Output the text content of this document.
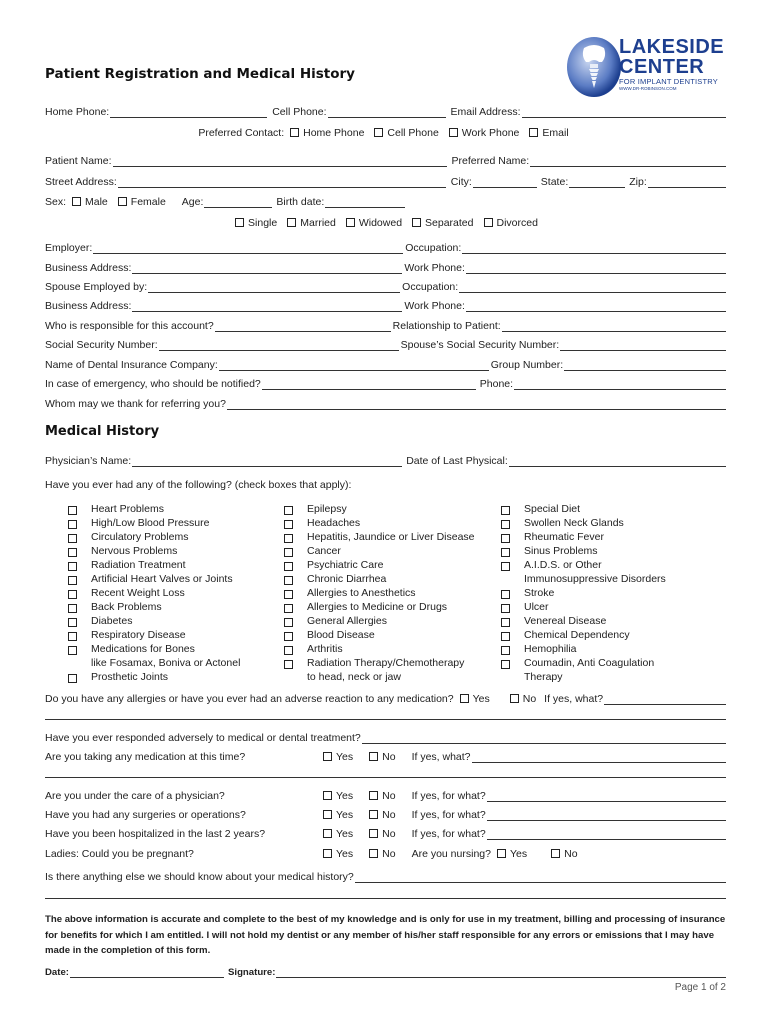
LAKESIDE
CENTER
FOR IMPLANT DENTISTRY
WWW.DR-ROBINSON.COM
Patient Registration and Medical History
Home Phone:	Cell Phone:	Email Address:
Preferred Contact: Home Phone Cell Phone Work Phone Email
Patient Name:	Preferred Name:
Street Address:	City:	State:	Zip:
Sex: Male Female Age:	Birth date:
Single Married Widowed Separated Divorced
Employer:	Occupation:
Business Address:	Work Phone:
Spouse Employed by:	Occupation:
Business Address:	Work Phone:
Who is responsible for this account?	Relationship to Patient:
Social Security Number:	Spouse’s Social Security Number:
Name of Dental Insurance Company:	Group Number:
In case of emergency, who should be notified?	Phone:
Whom may we thank for referring you?
Medical History
Physician’s Name:	Date of Last Physical:
Have you ever had any of the following? (check boxes that apply):
Heart Problems
High/Low Blood Pressure
Circulatory Problems
Nervous Problems
Radiation Treatment
Artificial Heart Valves or Joints
Recent Weight Loss
Back Problems
Diabetes
Respiratory Disease
Medications for Bones
like Fosamax, Boniva or Actonel
Prosthetic Joints
Epilepsy
Headaches
Hepatitis, Jaundice or Liver Disease
Cancer
Psychiatric Care
Chronic Diarrhea
Allergies to Anesthetics
Allergies to Medicine or Drugs
General Allergies
Blood Disease
Arthritis
Radiation Therapy/Chemotherapy
to head, neck or jaw
Special Diet
Swollen Neck Glands
Rheumatic Fever
Sinus Problems
A.I.D.S. or Other
Immunosuppressive Disorders
Stroke
Ulcer
Venereal Disease
Chemical Dependency
Hemophilia
Coumadin, Anti Coagulation
Therapy
Do you have any allergies or have you ever had an adverse reaction to any medication? Yes	No If yes, what?
Have you ever responded adversely to medical or dental treatment?
Are you taking any medication at this time?	Yes	No If yes, what?
Are you under the care of a physician?	Yes	No If yes, for what?
Have you had any surgeries or operations?	Yes	No If yes, for what?
Have you been hospitalized in the last 2 years?	Yes	No If yes, for what?
Ladies: Could you be pregnant?	Yes	No Are you nursing? Yes	No
Is there anything else we should know about your medical history?
The above information is accurate and complete to the best of my knowledge and is only for use in my treatment, billing and processing of insurance for benefits for which I am entitled. I will not hold my dentist or any member of his/her staff responsible for any errors or emissions that I may have made in the completion of this form.
Date:	Signature:
Page 1 of 2
